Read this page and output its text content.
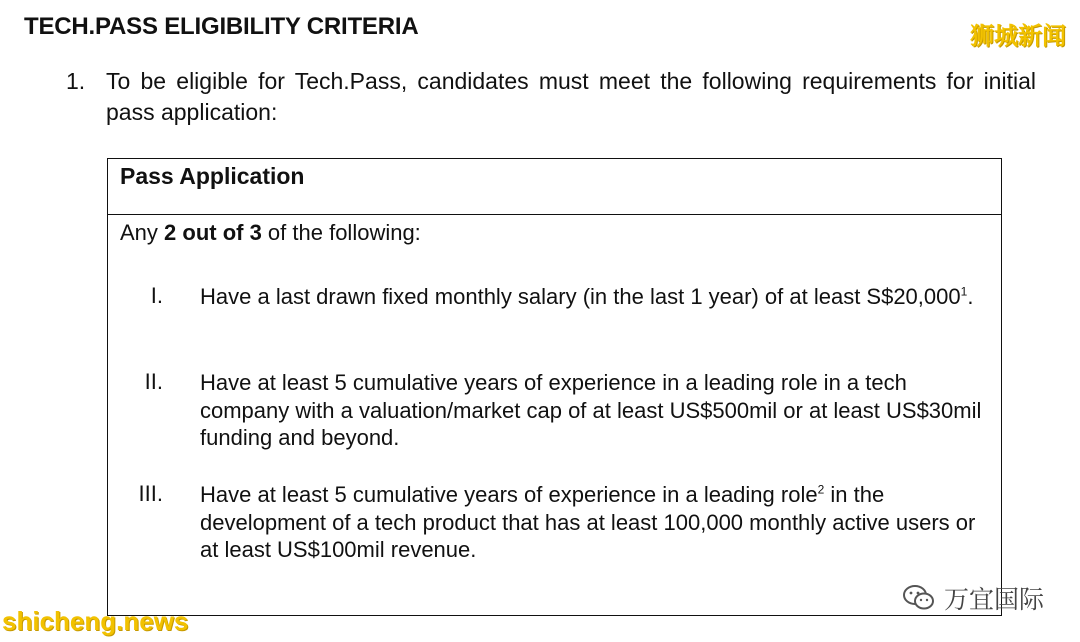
TECH.PASS ELIGIBILITY CRITERIA	狮城新闻
1. To be eligible for Tech.Pass, candidates must meet the following requirements for initial pass application:
Pass Application
Any 2 out of 3 of the following:
I.	Have a last drawn fixed monthly salary (in the last 1 year) of at least S$20,000$^1$.
II.	Have at least 5 cumulative years of experience in a leading role in a tech company with a valuation/market cap of at least US$500mil or at least US$30mil funding and beyond.
III.	Have at least 5 cumulative years of experience in a leading role$^2$ in the development of a tech product that has at least 100,000 monthly active users or at least US$100mil revenue.
shicheng.news
万宜国际
